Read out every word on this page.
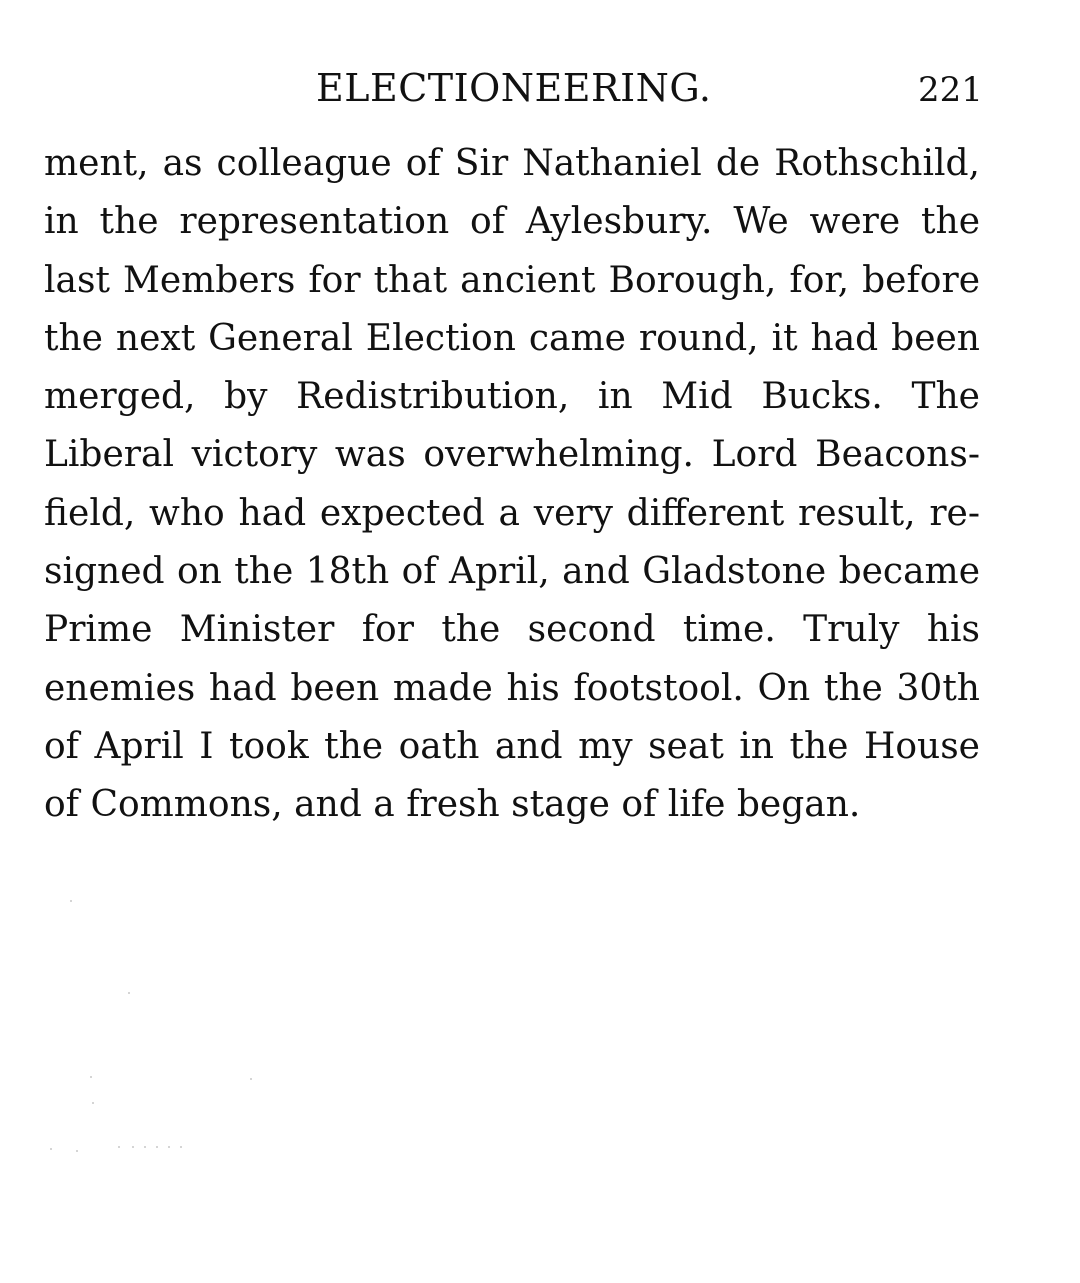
ELECTIONEERING.	221
ment, as colleague of Sir Nathaniel de Rothschild,
in the representation of Aylesbury. We were the
last Members for that ancient Borough, for, before
the next General Election came round, it had been
merged, by Redistribution, in Mid Bucks. The
Liberal victory was overwhelming. Lord Beacons-
field, who had expected a very different result, re-
signed on the 18th of April, and Gladstone became
Prime Minister for the second time. Truly his
enemies had been made his footstool. On the 30th
of April I took the oath and my seat in the House
of Commons, and a fresh stage of life began.
